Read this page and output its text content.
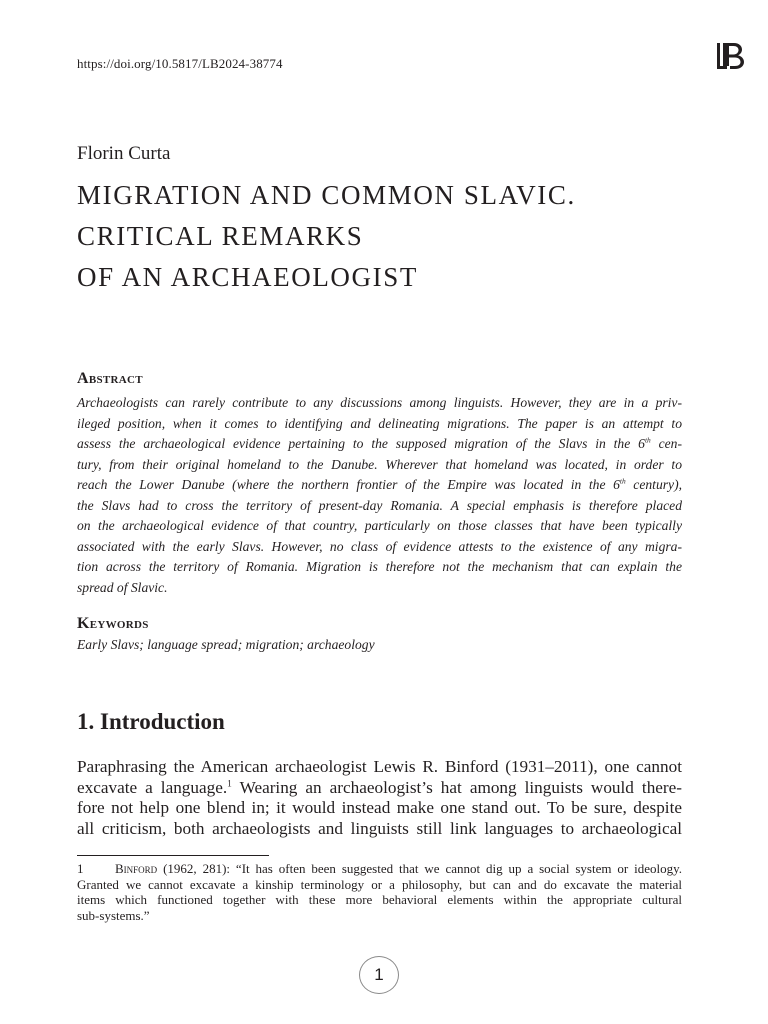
https://doi.org/10.5817/LB2024-38774
Florin Curta
MIGRATION AND COMMON SLAVIC.
CRITICAL REMARKS
OF AN ARCHAEOLOGIST
Abstract
Archaeologists can rarely contribute to any discussions among linguists. However, they are in a priv-
ileged position, when it comes to identifying and delineating migrations. The paper is an attempt to
assess the archaeological evidence pertaining to the supposed migration of the Slavs in the 6th cen-
tury, from their original homeland to the Danube. Wherever that homeland was located, in order to
reach the Lower Danube (where the northern frontier of the Empire was located in the 6th century),
the Slavs had to cross the territory of present-day Romania. A special emphasis is therefore placed
on the archaeological evidence of that country, particularly on those classes that have been typically
associated with the early Slavs. However, no class of evidence attests to the existence of any migra-
tion across the territory of Romania. Migration is therefore not the mechanism that can explain the
spread of Slavic.
Keywords
Early Slavs; language spread; migration; archaeology
1. Introduction
Paraphrasing the American archaeologist Lewis R. Binford (1931–2011), one cannot
excavate a language.$^1$ Wearing an archaeologist’s hat among linguists would there-
fore not help one blend in; it would instead make one stand out. To be sure, despite
all criticism, both archaeologists and linguists still link languages to archaeological
1 Binford (1962, 281): “It has often been suggested that we cannot dig up a social system or ideology.
Granted we cannot excavate a kinship terminology or a philosophy, but can and do excavate the material
items which functioned together with these more behavioral elements within the appropriate cultural
sub-systems.”
1
